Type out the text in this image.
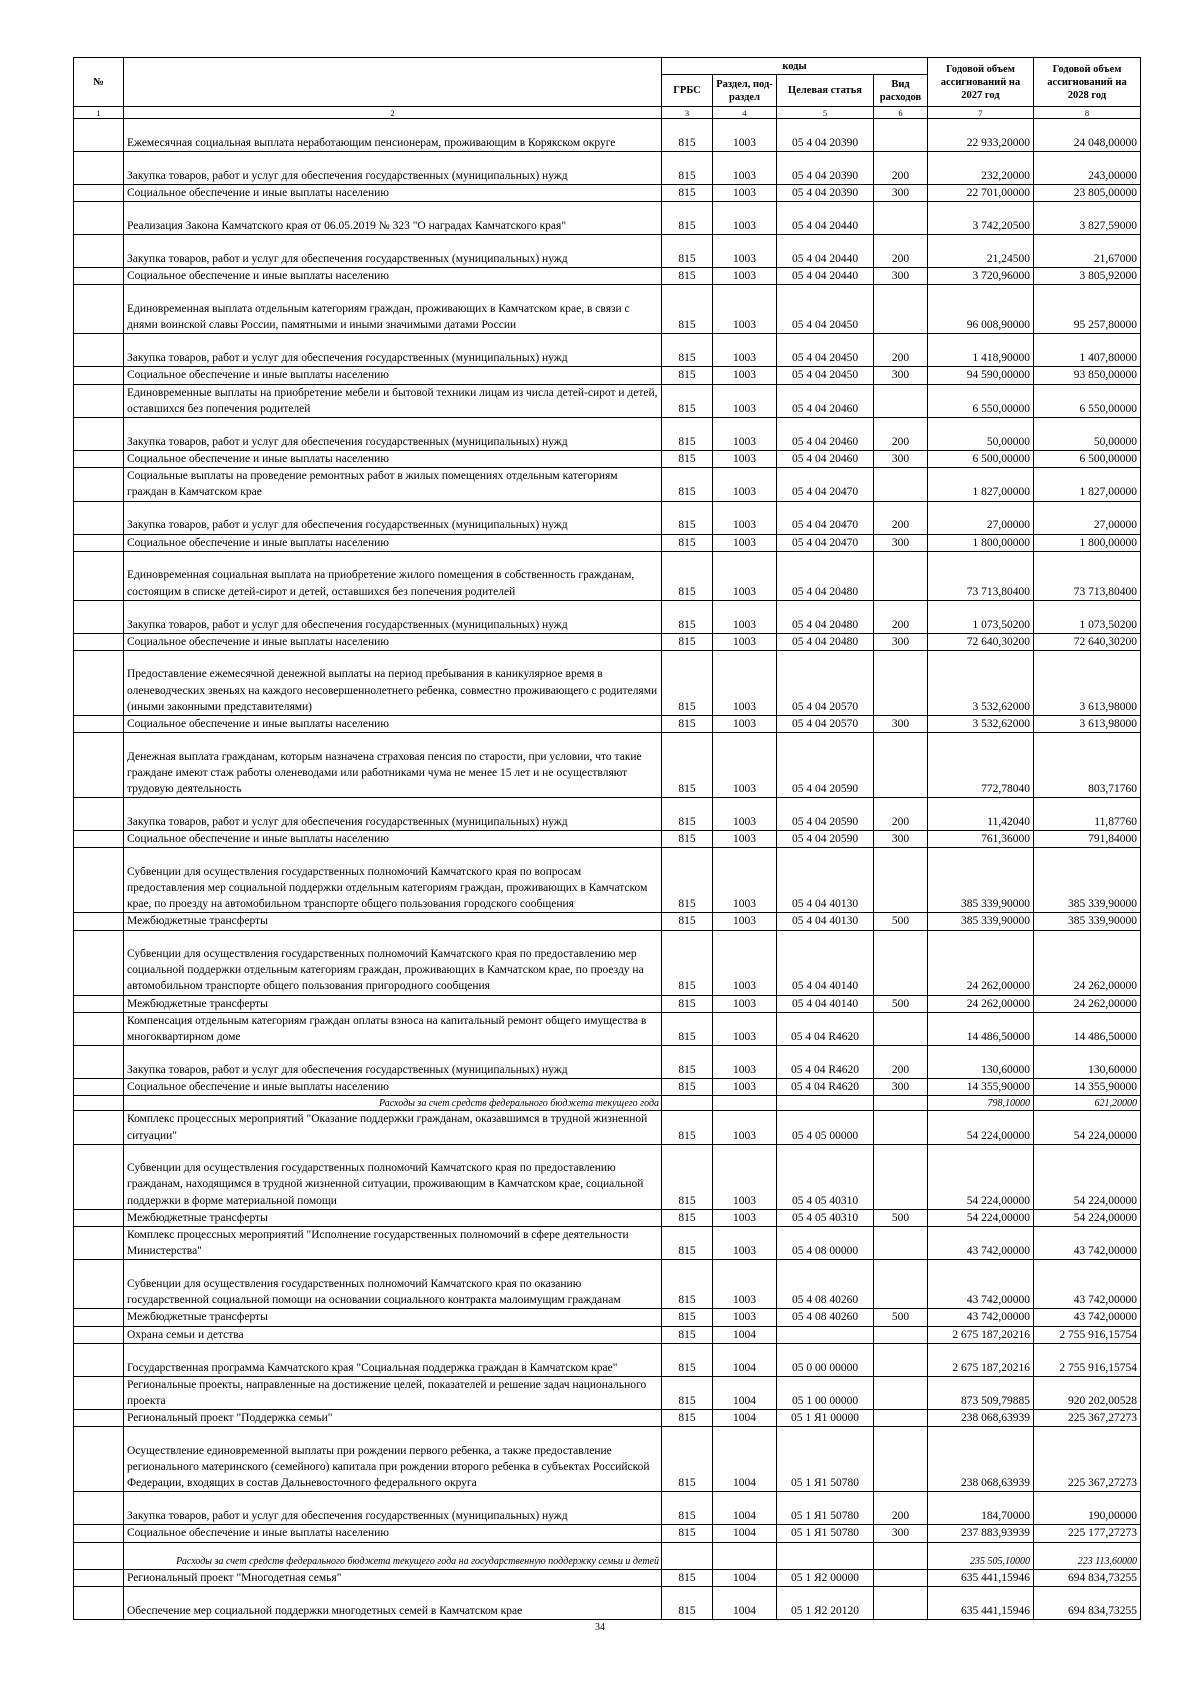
№		коды				Годовой объем ассигнований на 2027 год	Годовой объем ассигнований на 2028 год
		ГРБС	Раздел, под-раздел	Целевая статья	Вид расходов		
1	2	3	4	5	6	7	8
	Ежемесячная социальная выплата неработающим пенсионерам, проживающим в Корякском округе	815	1003	05 4 04 20390		22 933,20000	24 048,00000
	Закупка товаров, работ и услуг для обеспечения государственных (муниципальных) нужд	815	1003	05 4 04 20390	200	232,20000	243,00000
	Социальное обеспечение и иные выплаты населению	815	1003	05 4 04 20390	300	22 701,00000	23 805,00000
	Реализация Закона Камчатского края от 06.05.2019 № 323 "О наградах Камчатского края"	815	1003	05 4 04 20440		3 742,20500	3 827,59000
	Закупка товаров, работ и услуг для обеспечения государственных (муниципальных) нужд	815	1003	05 4 04 20440	200	21,24500	21,67000
	Социальное обеспечение и иные выплаты населению	815	1003	05 4 04 20440	300	3 720,96000	3 805,92000
	Единовременная выплата отдельным категориям граждан, проживающих в Камчатском крае, в связи с днями воинской славы России, памятными и иными значимыми датами России	815	1003	05 4 04 20450		96 008,90000	95 257,80000
	Закупка товаров, работ и услуг для обеспечения государственных (муниципальных) нужд	815	1003	05 4 04 20450	200	1 418,90000	1 407,80000
	Социальное обеспечение и иные выплаты населению	815	1003	05 4 04 20450	300	94 590,00000	93 850,00000
	Единовременные выплаты на приобретение мебели и бытовой техники лицам из числа детей-сирот и детей, оставшихся без попечения родителей	815	1003	05 4 04 20460		6 550,00000	6 550,00000
	Закупка товаров, работ и услуг для обеспечения государственных (муниципальных) нужд	815	1003	05 4 04 20460	200	50,00000	50,00000
	Социальное обеспечение и иные выплаты населению	815	1003	05 4 04 20460	300	6 500,00000	6 500,00000
	Социальные выплаты на проведение ремонтных работ в жилых помещениях отдельным категориям граждан в Камчатском крае	815	1003	05 4 04 20470		1 827,00000	1 827,00000
	Закупка товаров, работ и услуг для обеспечения государственных (муниципальных) нужд	815	1003	05 4 04 20470	200	27,00000	27,00000
	Социальное обеспечение и иные выплаты населению	815	1003	05 4 04 20470	300	1 800,00000	1 800,00000
	Единовременная социальная выплата на приобретение жилого помещения в собственность гражданам, состоящим в списке детей-сирот и детей, оставшихся без попечения родителей	815	1003	05 4 04 20480		73 713,80400	73 713,80400
	Закупка товаров, работ и услуг для обеспечения государственных (муниципальных) нужд	815	1003	05 4 04 20480	200	1 073,50200	1 073,50200
	Социальное обеспечение и иные выплаты населению	815	1003	05 4 04 20480	300	72 640,30200	72 640,30200
	Предоставление ежемесячной денежной выплаты на период пребывания в каникулярное время в оленеводческих звеньях на каждого несовершеннолетнего ребенка, совместно проживающего с родителями (иными законными представителями)	815	1003	05 4 04 20570		3 532,62000	3 613,98000
	Социальное обеспечение и иные выплаты населению	815	1003	05 4 04 20570	300	3 532,62000	3 613,98000
	Денежная выплата гражданам, которым назначена страховая пенсия по старости, при условии, что такие граждане имеют стаж работы оленеводами или работниками чума не менее 15 лет и не осуществляют трудовую деятельность	815	1003	05 4 04 20590		772,78040	803,71760
	Закупка товаров, работ и услуг для обеспечения государственных (муниципальных) нужд	815	1003	05 4 04 20590	200	11,42040	11,87760
	Социальное обеспечение и иные выплаты населению	815	1003	05 4 04 20590	300	761,36000	791,84000
	Субвенции для осуществления государственных полномочий Камчатского края по вопросам предоставления мер социальной поддержки отдельным категориям граждан, проживающих в Камчатском крае, по проезду на автомобильном транспорте общего пользования городского сообщения	815	1003	05 4 04 40130		385 339,90000	385 339,90000
	Межбюджетные трансферты	815	1003	05 4 04 40130	500	385 339,90000	385 339,90000
	Субвенции для осуществления государственных полномочий Камчатского края по предоставлению мер социальной поддержки отдельным категориям граждан, проживающих в Камчатском крае, по проезду на автомобильном транспорте общего пользования пригородного сообщения	815	1003	05 4 04 40140		24 262,00000	24 262,00000
	Межбюджетные трансферты	815	1003	05 4 04 40140	500	24 262,00000	24 262,00000
	Компенсация отдельным категориям граждан оплаты взноса на капитальный ремонт общего имущества в многоквартирном доме	815	1003	05 4 04 R4620		14 486,50000	14 486,50000
	Закупка товаров, работ и услуг для обеспечения государственных (муниципальных) нужд	815	1003	05 4 04 R4620	200	130,60000	130,60000
	Социальное обеспечение и иные выплаты населению	815	1003	05 4 04 R4620	300	14 355,90000	14 355,90000
	Расходы за счет средств федерального бюджета текущего года					798,10000	621,20000
	Комплекс процессных мероприятий "Оказание поддержки гражданам, оказавшимся в трудной жизненной ситуации"	815	1003	05 4 05 00000		54 224,00000	54 224,00000
	Субвенции для осуществления государственных полномочий Камчатского края по предоставлению гражданам, находящимся в трудной жизненной ситуации, проживающим в Камчатском крае, социальной поддержки в форме материальной помощи	815	1003	05 4 05 40310		54 224,00000	54 224,00000
	Межбюджетные трансферты	815	1003	05 4 05 40310	500	54 224,00000	54 224,00000
	Комплекс процессных мероприятий "Исполнение государственных полномочий в сфере деятельности Министерства"	815	1003	05 4 08 00000		43 742,00000	43 742,00000
	Субвенции для осуществления государственных полномочий Камчатского края по оказанию государственной социальной помощи на основании социального контракта малоимущим гражданам	815	1003	05 4 08 40260		43 742,00000	43 742,00000
	Межбюджетные трансферты	815	1003	05 4 08 40260	500	43 742,00000	43 742,00000
	Охрана семьи и детства	815	1004			2 675 187,20216	2 755 916,15754
	Государственная программа Камчатского края "Социальная поддержка граждан в Камчатском крае"	815	1004	05 0 00 00000		2 675 187,20216	2 755 916,15754
	Региональные проекты, направленные на достижение целей, показателей и решение задач национального проекта	815	1004	05 1 00 00000		873 509,79885	920 202,00528
	Региональный проект "Поддержка семьи"	815	1004	05 1 Я1 00000		238 068,63939	225 367,27273
	Осуществление единовременной выплаты при рождении первого ребенка, а также предоставление регионального материнского (семейного) капитала при рождении второго ребенка в субъектах Российской Федерации, входящих в состав Дальневосточного федерального округа	815	1004	05 1 Я1 50780		238 068,63939	225 367,27273
	Закупка товаров, работ и услуг для обеспечения государственных (муниципальных) нужд	815	1004	05 1 Я1 50780	200	184,70000	190,00000
	Социальное обеспечение и иные выплаты населению	815	1004	05 1 Я1 50780	300	237 883,93939	225 177,27273
	Расходы за счет средств федерального бюджета текущего года на государственную поддержку семьи и детей					235 505,10000	223 113,60000
	Региональный проект "Многодетная семья"	815	1004	05 1 Я2 00000		635 441,15946	694 834,73255
	Обеспечение мер социальной поддержки многодетных семей в Камчатском крае	815	1004	05 1 Я2 20120		635 441,15946	694 834,73255
34
